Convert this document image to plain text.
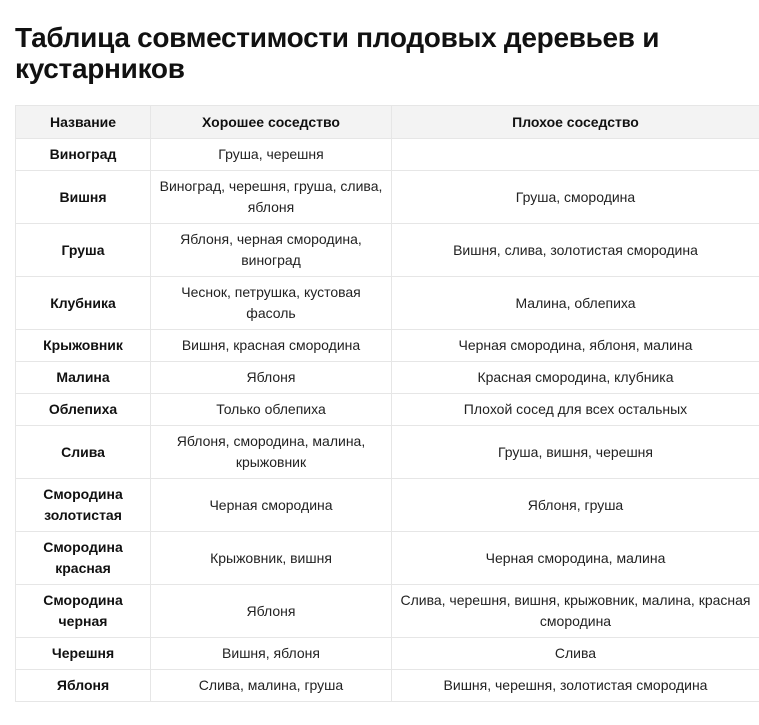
Таблица совместимости плодовых деревьев и кустарников
Название	Хорошее соседство	Плохое соседство
Виноград	Груша, черешня	
Вишня	Виноград, черешня, груша, слива, яблоня	Груша, смородина
Груша	Яблоня, черная смородина, виноград	Вишня, слива, золотистая смородина
Клубника	Чеснок, петрушка, кустовая фасоль	Малина, облепиха
Крыжовник	Вишня, красная смородина	Черная смородина, яблоня, малина
Малина	Яблоня	Красная смородина, клубника
Облепиха	Только облепиха	Плохой сосед для всех остальных
Слива	Яблоня, смородина, малина, крыжовник	Груша, вишня, черешня
Смородина золотистая	Черная смородина	Яблоня, груша
Смородина красная	Крыжовник, вишня	Черная смородина, малина
Смородина черная	Яблоня	Слива, черешня, вишня, крыжовник, малина, красная смородина
Черешня	Вишня, яблоня	Слива
Яблоня	Слива, малина, груша	Вишня, черешня, золотистая смородина
